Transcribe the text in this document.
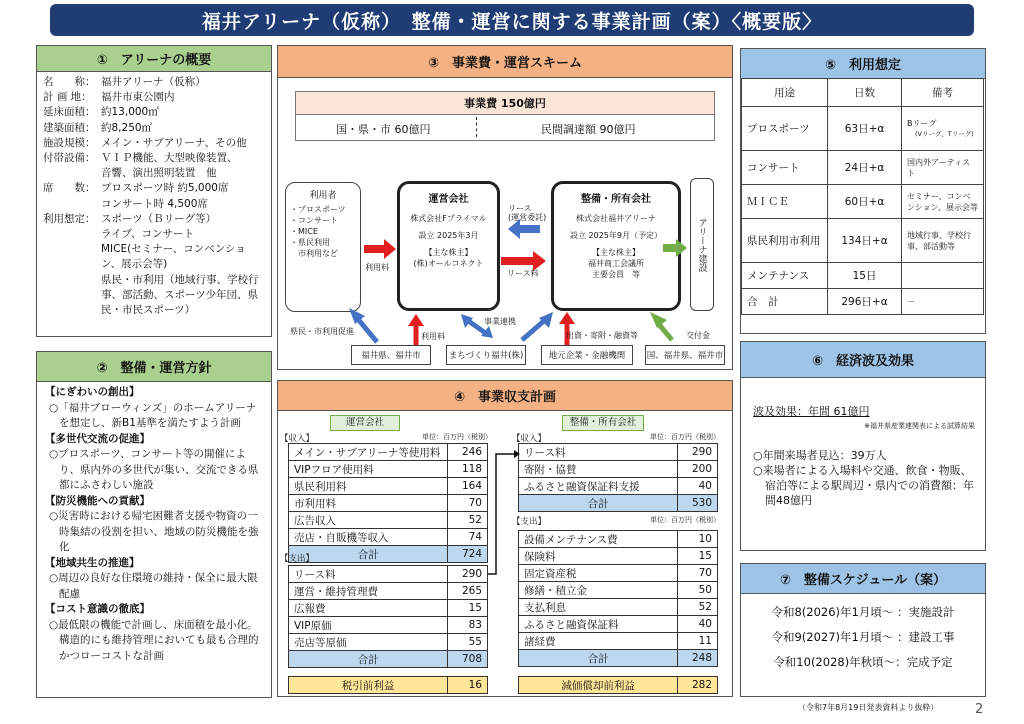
福井アリーナ（仮称）　整備・運営に関する事業計画（案）〈概要版〉
①　アリーナの概要
名　　称： 福井アリーナ（仮称）
計 画 地： 福井市東公園内
延床面積： 約13,000㎡
建築面積： 約8,250㎡
施設規模： メイン・サブアリーナ、その他
付帯設備： ＶＩＰ機能、大型映像装置、
音響、演出照明装置　他
席　　数： プロスポーツ時 約5,000席
コンサート時 4,500席
利用想定： スポーツ（Ｂリーグ等）
ライブ、コンサート
MICE(セミナー、コンベンション、展示会等)
県民・市利用（地域行事、学校行事、部活動、スポーツ少年団、県民・市民スポーツ）
②　整備・運営方針
【にぎわいの創出】
○「福井ブローウィンズ」のホームアリーナを想定し、新B1基準を満たすよう計画
【多世代交流の促進】
○プロスポーツ、コンサート等の開催により、県内外の多世代が集い、交流できる県都にふさわしい施設
【防災機能への貢献】
○災害時における帰宅困難者支援や物資の一時集結の役割を担い、地域の防災機能を強化
【地域共生の推進】
○周辺の良好な住環境の維持・保全に最大限配慮
【コスト意識の徹底】
○最低限の機能で計画し、床面積を最小化。構造的にも維持管理においても最も合理的かつローコストな計画
③　事業費・運営スキーム
事業費 150億円
国・県・市 60億円	民間調達額 90億円
利用者
・プロスポーツ
・コンサート
・MICE
・県民利用
　市利用など
運営会社
株式会社Fプライマル
設立 2025年3月
【主な株主】
(株)オールコネクト
整備・所有会社
株式会社福井アリーナ
設立 2025年9月（予定）
【主な株主】
福井商工会議所
主要会員　等
アリーナ建設
利用料
リース
(運営委託)
リース料
県民・市利用促進
利用料
事業連携
出資・寄附・融資等	交付金
福井県、福井市	まちづくり福井(株)	地元企業・金融機関	国、福井県、福井市
④　事業収支計画
運営会社	整備・所有会社
【収入】	単位：百万円（税別）
メイン・サブアリーナ等使用料	246
VIPフロア使用料	118
県民利用料	164
市利用料	70
広告収入	52
売店・自販機等収入	74
合計	724
【支出】
リース料	290
運営・維持管理費	265
広報費	15
VIP原価	83
売店等原価	55
合計	708
税引前利益	16
【収入】	単位：百万円（税別）
リース料	290
寄附・協賛	200
ふるさと融資保証料支援	40
合計	530
【支出】	単位：百万円（税別）
設備メンテナンス費	10
保険料	15
固定資産税	70
修繕・積立金	50
支払利息	52
ふるさと融資保証料	40
諸経費	11
合計	248
減価償却前利益	282
⑤　利用想定
用途	日数	備考
プロスポーツ	63日+α	Bリーグ
(Vリーグ、Tリーグ)

コンサート	24日+α	国内外アーティスト

ＭＩＣＥ	60日+α	セミナー、コンベンション、展示会等

県民利用市利用	134日+α	地域行事、学校行事、部活動等

メンテナンス	15日	

合　計	296日+α	－
⑥　経済波及効果
波及効果：年間 61億円
※福井県産業連関表による試算結果
○年間来場者見込：39万人
○来場者による入場料や交通、飲食・物販、宿泊等による駅周辺・県内での消費額：年間48億円
⑦　整備スケジュール（案）
令和8(2026)年1月頃～ ：実施設計
令和9(2027)年1月頃～ ：建設工事
令和10(2028)年秋頃～：完成予定
（令和7年8月19日発表資料より抜粋）	2
